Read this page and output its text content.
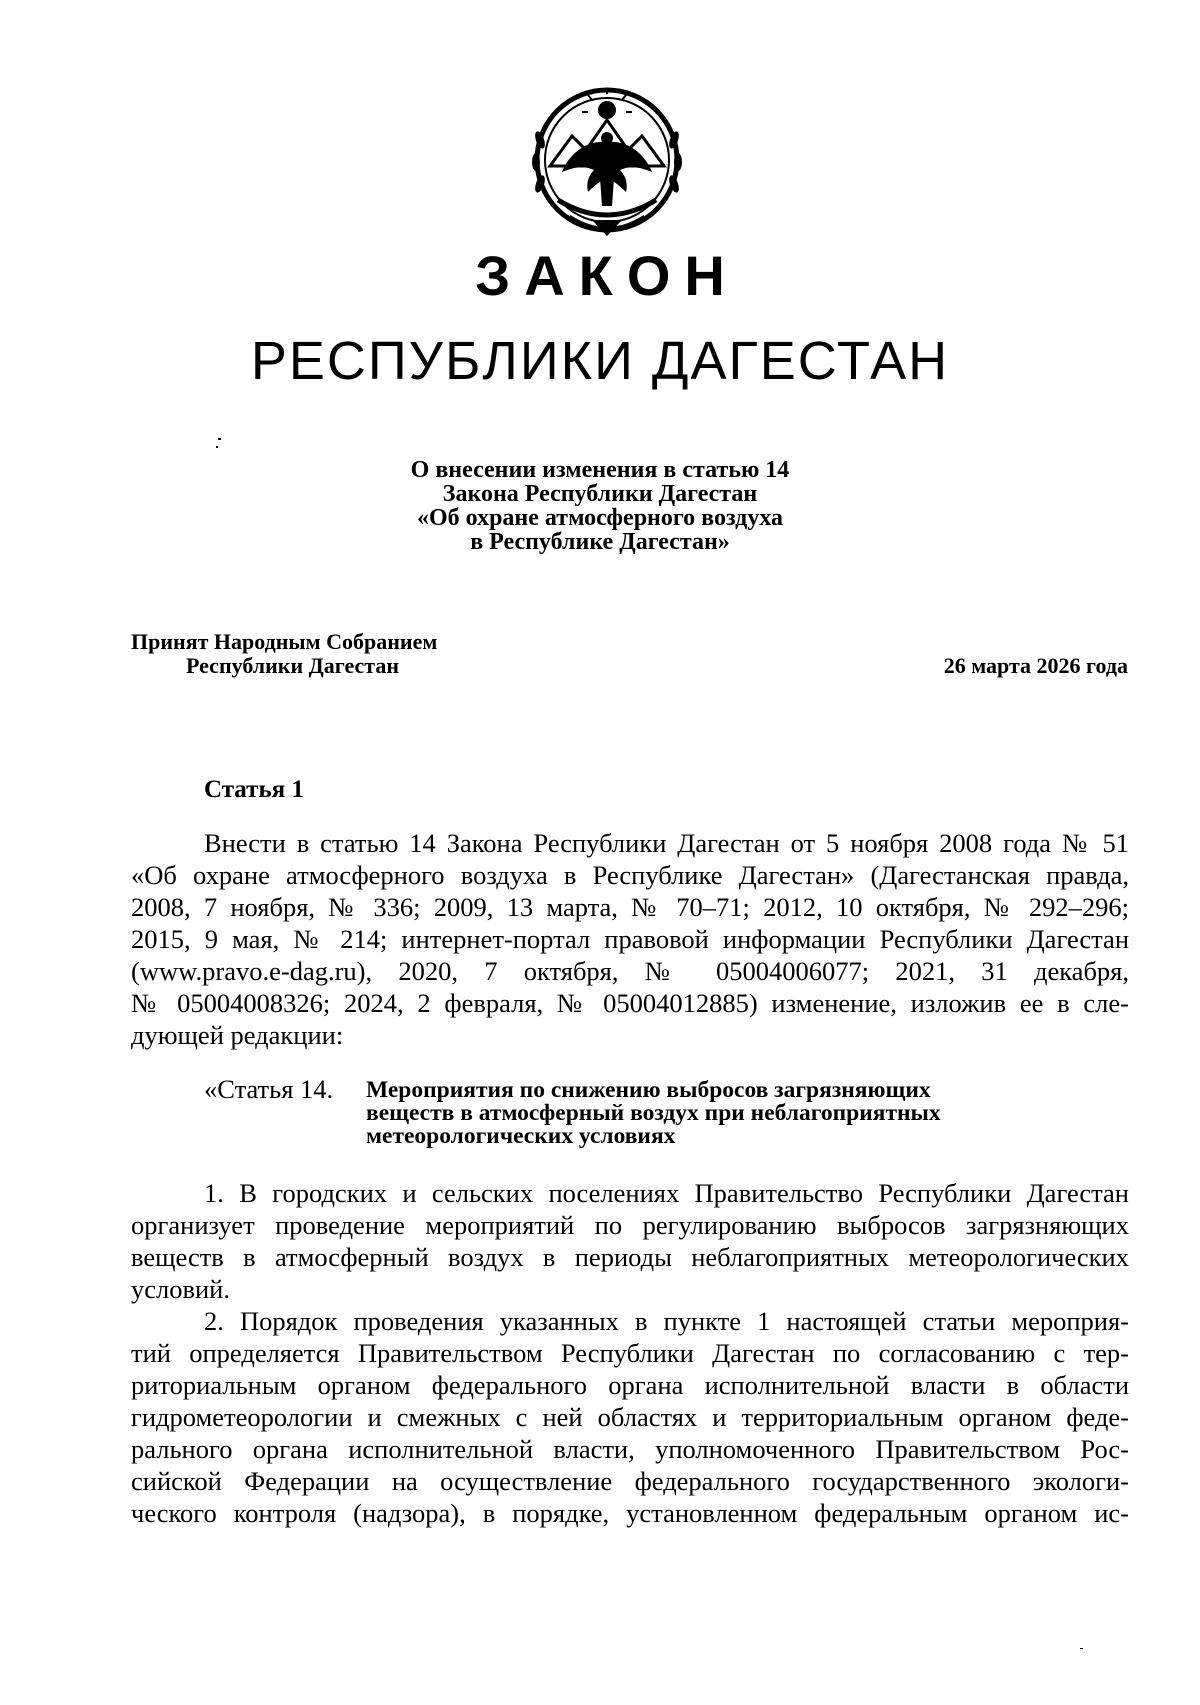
ЗАКОН
РЕСПУБЛИКИ ДАГЕСТАН
О внесении изменения в статью 14
Закона Республики Дагестан
«Об охране атмосферного воздуха
в Республике Дагестан»
Принят Народным Собранием
Республики Дагестан	26 марта 2026 года
Статья 1
Внести в статью 14 Закона Республики Дагестан от 5 ноября 2008 года № 51
«Об охране атмосферного воздуха в Республике Дагестан» (Дагестанская правда,
2008, 7 ноября, № 336; 2009, 13 марта, № 70–71; 2012, 10 октября, № 292–296;
2015, 9 мая, № 214; интернет-портал правовой информации Республики Дагестан
(www.pravo.e-dag.ru), 2020, 7 октября, № 05004006077; 2021, 31 декабря,
№ 05004008326; 2024, 2 февраля, № 05004012885) изменение, изложив ее в сле-
дующей редакции:
«Статья 14. Мероприятия по снижению выбросов загрязняющих
веществ в атмосферный воздух при неблагоприятных
метеорологических условиях
1. В городских и сельских поселениях Правительство Республики Дагестан
организует проведение мероприятий по регулированию выбросов загрязняющих
веществ в атмосферный воздух в периоды неблагоприятных метеорологических
условий.
2. Порядок проведения указанных в пункте 1 настоящей статьи мероприя-
тий определяется Правительством Республики Дагестан по согласованию с тер-
риториальным органом федерального органа исполнительной власти в области
гидрометеорологии и смежных с ней областях и территориальным органом феде-
рального органа исполнительной власти, уполномоченного Правительством Рос-
сийской Федерации на осуществление федерального государственного экологи-
ческого контроля (надзора), в порядке, установленном федеральным органом ис-
